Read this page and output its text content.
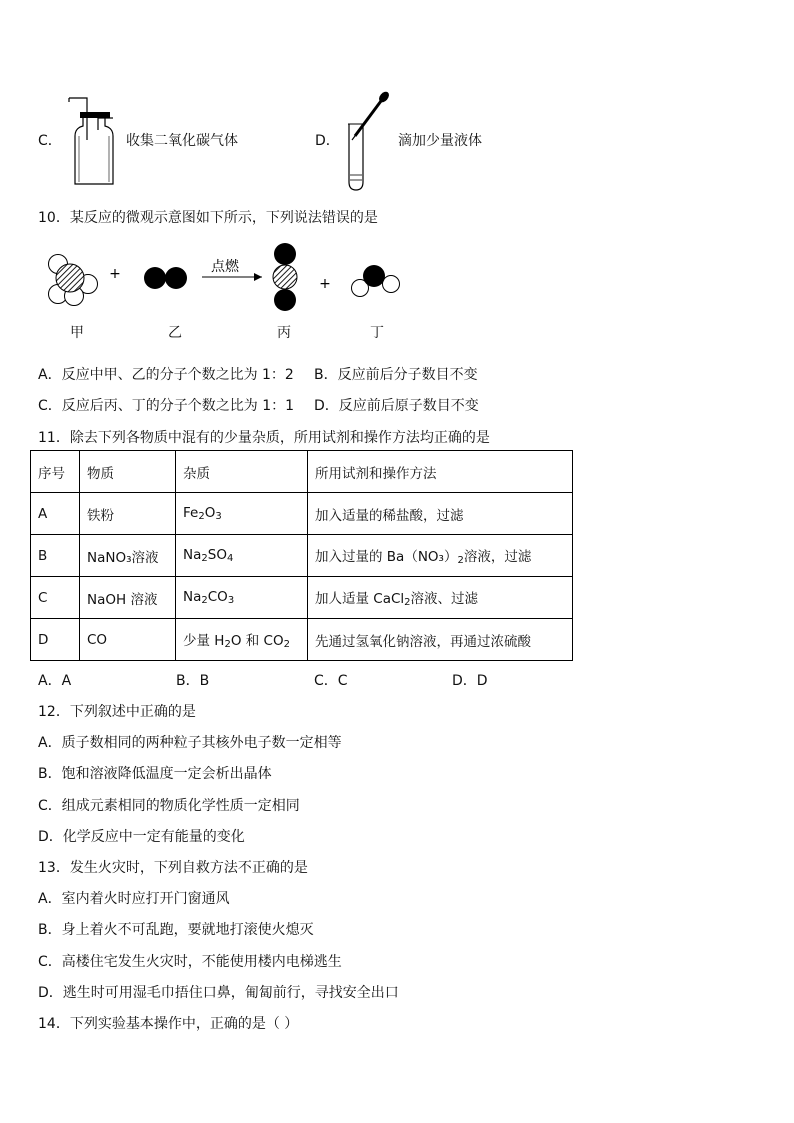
C．	收集二氧化碳气体	D．	滴加少量液体
10．某反应的微观示意图如下所示，下列说法错误的是
+	点燃
+
甲	乙	丙	丁
A．反应中甲、乙的分子个数之比为 1：2 B．反应前后分子数目不变
C．反应后丙、丁的分子个数之比为 1：1 D．反应前后原子数目不变
11．除去下列各物质中混有的少量杂质，所用试剂和操作方法均正确的是
序号	物质	杂质	所用试剂和操作方法
A	铁粉	$Fe_2O_3$	加入适量的稀盐酸，过滤
B	NaNO₃溶液	$Na_2SO_4$	加入过量的 $Ba(NO_3)_2$溶液，过滤
C	NaOH 溶液	$Na_2CO_3$	加人适量 CaCl$_2$溶液、过滤
D	CO	少量 $H_2O$ 和 $CO_2$	先通过氢氧化钠溶液，再通过浓硫酸
A．A	B．B	C．C	D．D
12．下列叙述中正确的是
A．质子数相同的两种粒子其核外电子数一定相等
B．饱和溶液降低温度一定会析出晶体
C．组成元素相同的物质化学性质一定相同
D．化学反应中一定有能量的变化
13．发生火灾时，下列自救方法不正确的是
A．室内着火时应打开门窗通风
B．身上着火不可乱跑，要就地打滚使火熄灭
C．高楼住宅发生火灾时，不能使用楼内电梯逃生
D．逃生时可用湿毛巾捂住口鼻，匍匐前行，寻找安全出口
14．下列实验基本操作中，正确的是（ ）
